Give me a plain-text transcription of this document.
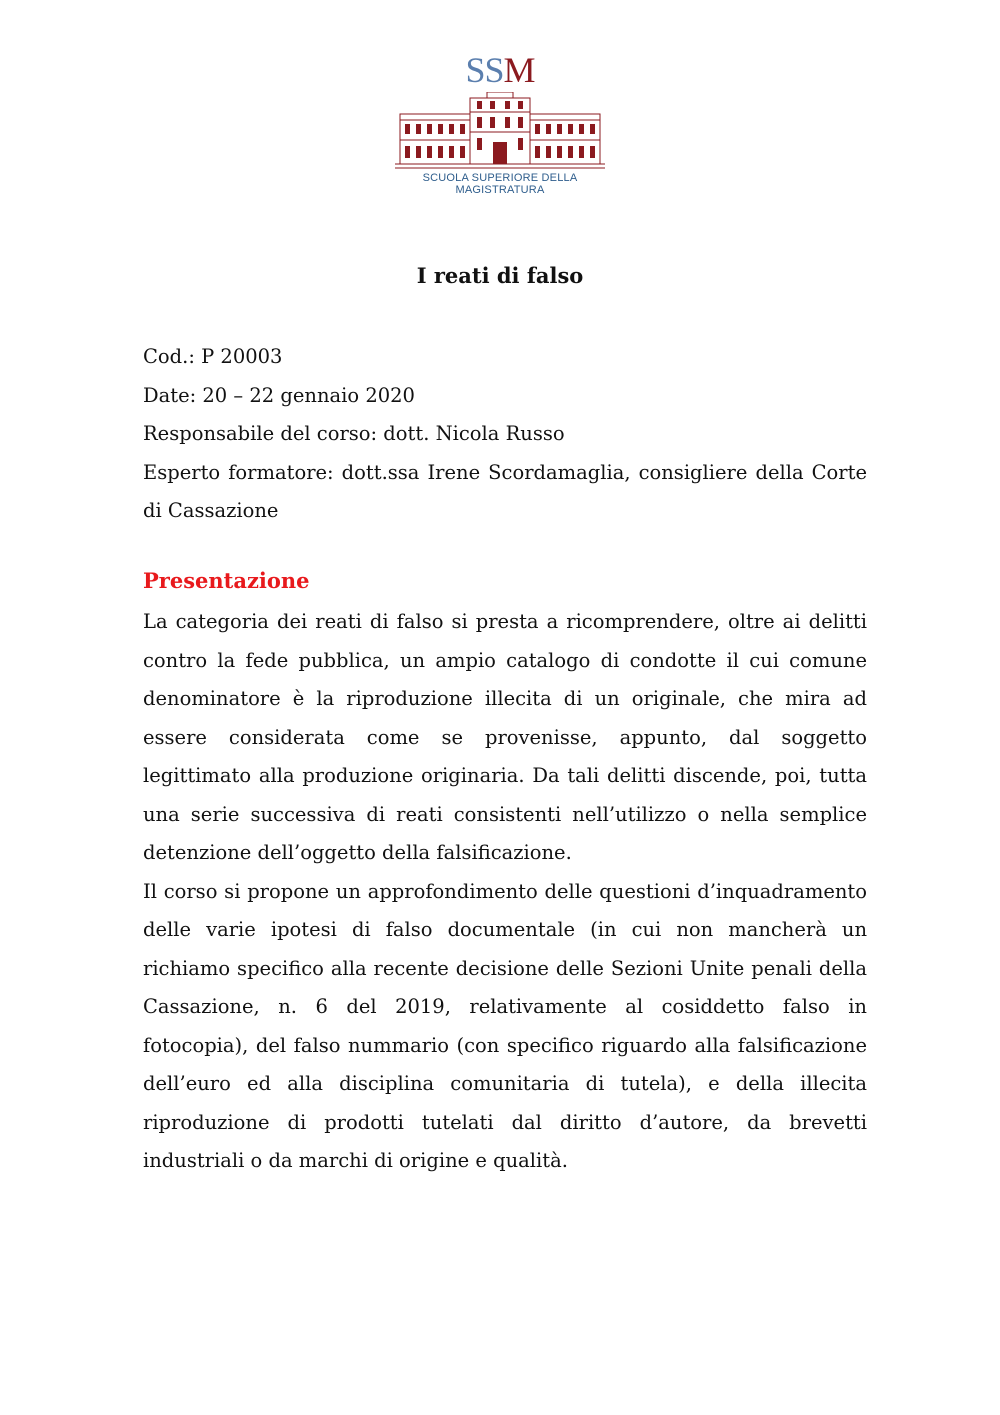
SSM
SCUOLA SUPERIORE DELLA MAGISTRATURA
I reati di falso

Cod.: P 20003

Date: 20 – 22 gennaio 2020

Responsabile del corso: dott. Nicola Russo

Esperto formatore: dott.ssa Irene Scordamaglia, consigliere della Corte di Cassazione

Presentazione

La categoria dei reati di falso si presta a ricomprendere, oltre ai delitti contro la fede pubblica, un ampio catalogo di condotte il cui comune denominatore è la riproduzione illecita di un originale, che mira ad essere considerata come se provenisse, appunto, dal soggetto legittimato alla produzione originaria. Da tali delitti discende, poi, tutta una serie successiva di reati consistenti nell’utilizzo o nella semplice detenzione dell’oggetto della falsificazione.

Il corso si propone un approfondimento delle questioni d’inquadramento delle varie ipotesi di falso documentale (in cui non mancherà un richiamo specifico alla recente decisione delle Sezioni Unite penali della Cassazione, n. 6 del 2019, relativamente al cosiddetto falso in fotocopia), del falso nummario (con specifico riguardo alla falsificazione dell’euro ed alla disciplina comunitaria di tutela), e della illecita riproduzione di prodotti tutelati dal diritto d’autore, da brevetti industriali o da marchi di origine e qualità.
